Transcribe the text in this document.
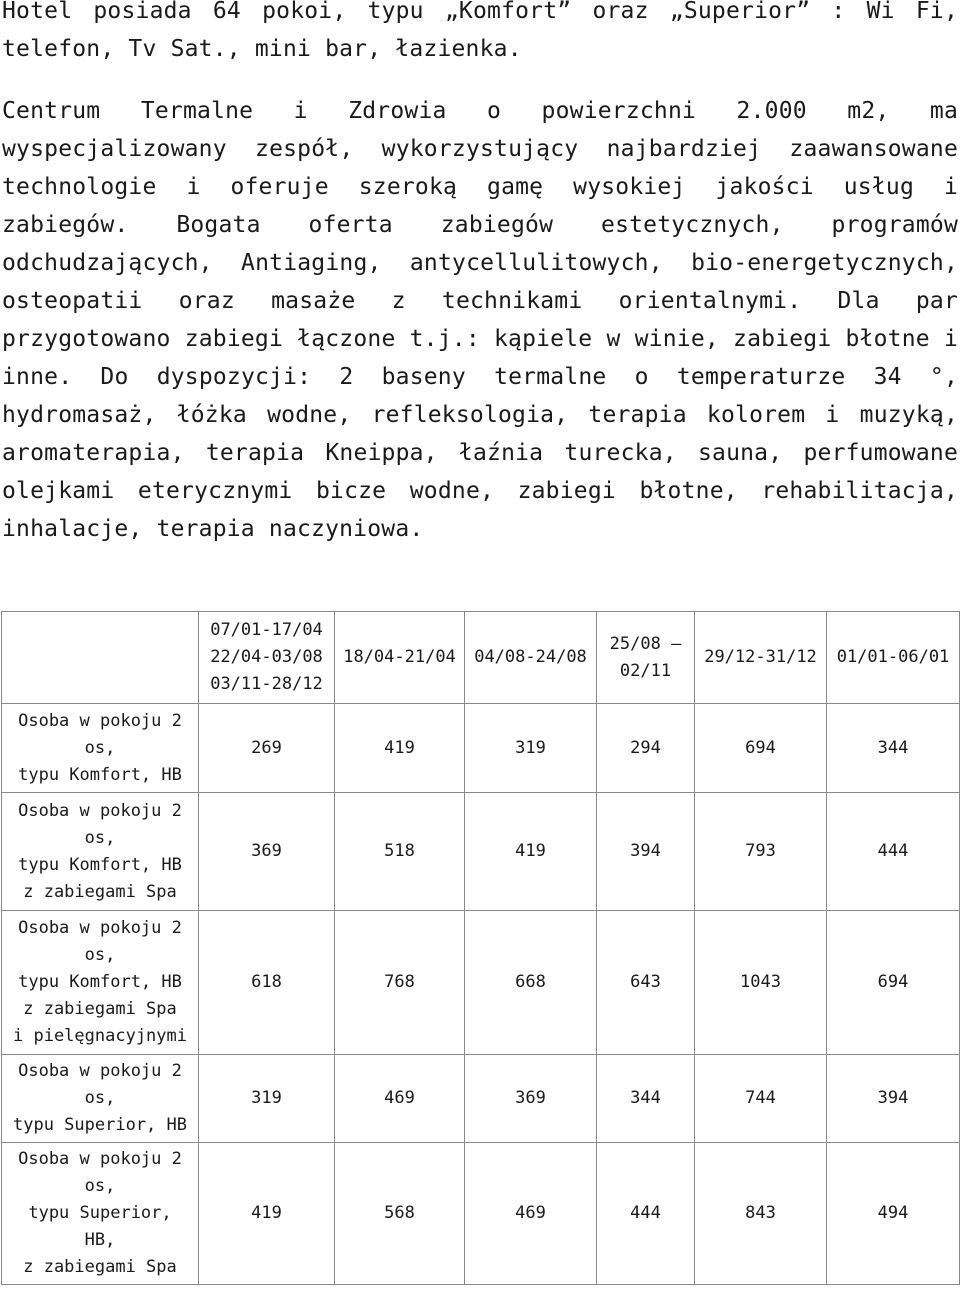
Hotel posiada 64 pokoi, typu „Komfort” oraz „Superior” : Wi Fi, telefon, Tv Sat., mini bar, łazienka.

Centrum Termalne i Zdrowia o powierzchni 2.000 m2, ma wyspecjalizowany zespół, wykorzystujący najbardziej zaawansowane technologie i oferuje szeroką gamę wysokiej jakości usług i zabiegów. Bogata oferta zabiegów estetycznych, programów odchudzających, Antiaging, antycellulitowych, bio-energetycznych, osteopatii oraz masaże z technikami orientalnymi. Dla par przygotowano zabiegi łączone t.j.: kąpiele w winie, zabiegi błotne i inne. Do dyspozycji: 2 baseny termalne o temperaturze 34 °, hydromasaż, łóżka wodne, refleksologia, terapia kolorem i muzyką, aromaterapia, terapia Kneippa, łaźnia turecka, sauna, perfumowane olejkami eterycznymi bicze wodne, zabiegi błotne, rehabilitacja, inhalacje, terapia naczyniowa.

	07/01-17/04
22/04-03/08
03/11-28/12	18/04-21/04	04/08-24/08	25/08 –
02/11	29/12-31/12	01/01-06/01
Osoba w pokoju 2
os,
typu Komfort, HB	269	419	319	294	694	344
Osoba w pokoju 2
os,
typu Komfort, HB
z zabiegami Spa	369	518	419	394	793	444
Osoba w pokoju 2
os,
typu Komfort, HB
z zabiegami Spa
i pielęgnacyjnymi	618	768	668	643	1043	694
Osoba w pokoju 2
os,
typu Superior, HB	319	469	369	344	744	394
Osoba w pokoju 2
os,
typu Superior,
HB,
z zabiegami Spa	419	568	469	444	843	494
